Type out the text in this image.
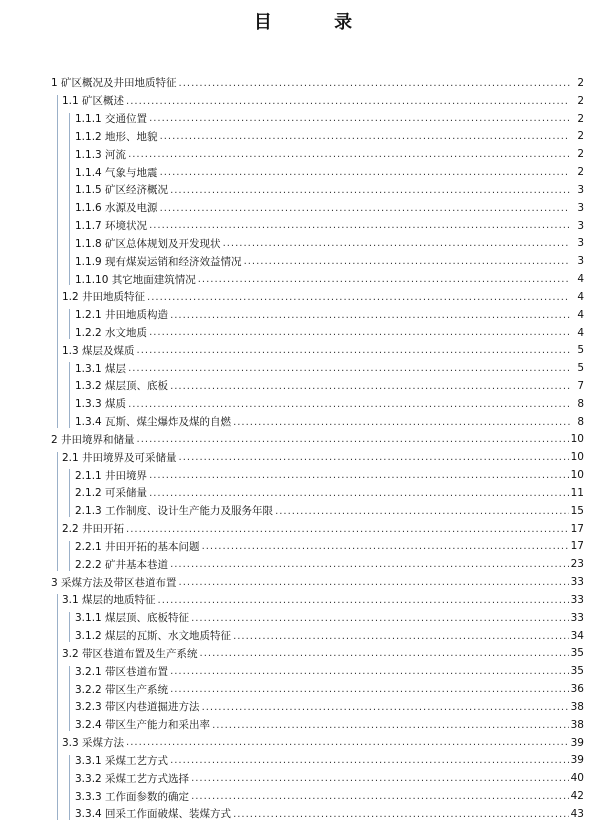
目 录
1 矿区概况及井田地质特征 .....	2
1.1 矿区概述 .....	2
1.1.1 交通位置 .....	2
1.1.2 地形、地貌 .....	2
1.1.3 河流 .....	2
1.1.4 气象与地震 .....	2
1.1.5 矿区经济概况 .....	3
1.1.6 水源及电源 .....	3
1.1.7 环境状况 .....	3
1.1.8 矿区总体规划及开发现状 .....	3
1.1.9 现有煤炭运销和经济效益情况 .....	3
1.1.10 其它地面建筑情况 .....	4
1.2 井田地质特征 .....	4
1.2.1 井田地质构造 .....	4
1.2.2 水文地质 .....	4
1.3 煤层及煤质 .....	5
1.3.1 煤层 .....	5
1.3.2 煤层顶、底板 .....	7
1.3.3 煤质 .....	8
1.3.4 瓦斯、煤尘爆炸及煤的自燃 .....	8
2 井田境界和储量 .....	10
2.1 井田境界及可采储量 .....	10
2.1.1 井田境界 .....	10
2.1.2 可采储量 .....	11
2.1.3 工作制度、设计生产能力及服务年限 .....	15
2.2 井田开拓 .....	17
2.2.1 井田开拓的基本问题 .....	17
2.2.2 矿井基本巷道 .....	23
3 采煤方法及带区巷道布置 .....	33
3.1 煤层的地质特征 .....	33
3.1.1 煤层顶、底板特征 .....	33
3.1.2 煤层的瓦斯、水文地质特征 .....	34
3.2 带区巷道布置及生产系统 .....	35
3.2.1 带区巷道布置 .....	35
3.2.2 带区生产系统 .....	36
3.2.3 带区内巷道掘进方法 .....	38
3.2.4 带区生产能力和采出率 .....	38
3.3 采煤方法 .....	39
3.3.1 采煤工艺方式 .....	39
3.3.2 采煤工艺方式选择 .....	40
3.3.3 工作面参数的确定 .....	42
3.3.4 回采工作面破煤、装煤方式 .....	43
